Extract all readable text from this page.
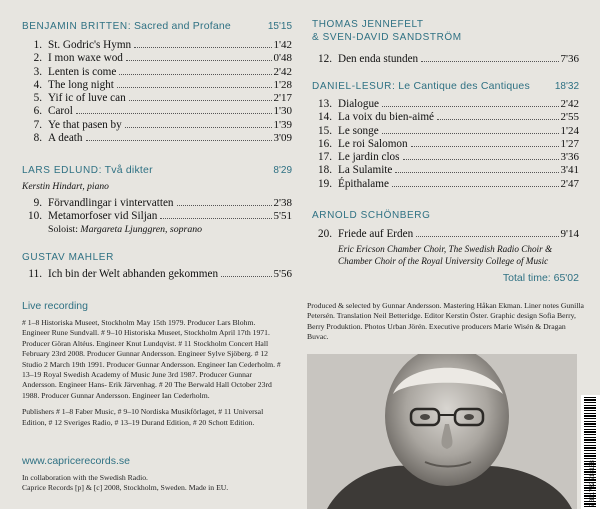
BENJAMIN BRITTEN: Sacred and Profane	15'15
1. St. Godric's Hymn	1'42
2. I mon waxe wod	0'48
3. Lenten is come	2'42
4. The long night	1'28
5. Yif ic of luve can	2'17
6. Carol	1'30
7. Ye that pasen by	1'39
8. A death	3'09
LARS EDLUND: Två dikter	8'29
Kerstin Hindart, piano
9. Förvandlingar i vintervatten	2'38
10. Metamorfoser vid Siljan	5'51
Soloist: Margareta Ljunggren, soprano
GUSTAV MAHLER
11. Ich bin der Welt abhanden gekommen	5'56
THOMAS JENNEFELT
& SVEN-DAVID SANDSTRÖM
12. Den enda stunden	7'36
DANIEL-LESUR: Le Cantique des Cantiques	18'32
13. Dialogue	2'42
14. La voix du bien-aimé	2'55
15. Le songe	1'24
16. Le roi Salomon	1'27
17. Le jardin clos	3'36
18. La Sulamite	3'41
19. Épithalame	2'47
ARNOLD SCHÖNBERG
20. Friede auf Erden	9'14
Eric Ericson Chamber Choir, The Swedish Radio Choir &
Chamber Choir of the Royal University College of Music
Total time: 65'02
Live recording

# 1–8 Historiska Museet, Stockholm May 15th 1979. Producer Lars Blohm. Engineer Rune Sundvall. # 9–10 Historiska Museet, Stockholm April 17th 1971. Producer Göran Altéus. Engineer Knut Lundqvist. # 11 Stockholm Concert Hall February 23rd 2008. Producer Gunnar Andersson. Engineer Sylve Sjöberg. # 12 Studio 2 March 19th 1991. Producer Gunnar Andersson. Engineer Ian Cederholm. # 13–19 Royal Swedish Academy of Music June 3rd 1987. Producer Gunnar Andersson. Engineer Hans- Erik Järvenhag. # 20 The Berwald Hall October 23rd 1988. Producer Gunnar Andersson. Engineer Ian Cederholm.

Publishers # 1–8 Faber Music, # 9–10 Nordiska Musikförlaget, # 11 Universal Edition, # 12 Sveriges Radio, # 13–19 Durand Edition, # 20 Schott Edition.

Produced & selected by Gunnar Andersson. Mastering Håkan Ekman. Liner notes Gunilla Petersén. Translation Neil Betteridge. Editor Kerstin Öster. Graphic design Sofia Berry, Berry Produktion. Photos Urban Jörén. Executive producers Marie Wisén & Dragan Buvac.

www.capricerecords.se
In collaboration with the Swedish Radio.
Caprice Records [p] & [c] 2008, Stockholm, Sweden. Made in EU.	7 391782 218138
